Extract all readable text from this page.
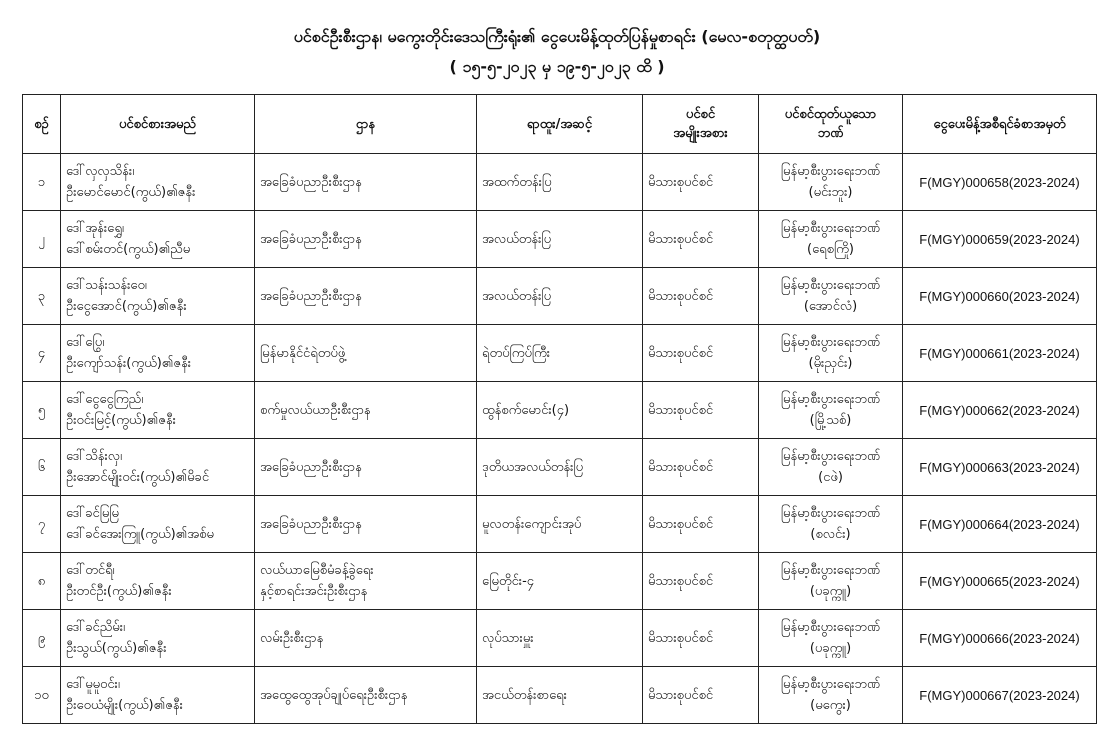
ပင်စင်ဦးစီးဌာန၊ မကွေးတိုင်းဒေသကြီးရုံး၏ ငွေပေးမိန့်ထုတ်ပြန်မှုစာရင်း (မေလ-စတုတ္ထပတ်)
( ၁၅-၅-၂၀၂၃ မှ ၁၉-၅-၂၀၂၃ ထိ )
စဉ်	ပင်စင်စားအမည်	ဌာန	ရာထူး/အဆင့်	ပင်စင်
အမျိုးအစား	ပင်စင်ထုတ်ယူသော
ဘဏ်	ငွေပေးမိန့်အစီရင်ခံစာအမှတ်

၁	ဒေါ်လှလှသိန်း၊
ဦးမောင်မောင်(ကွယ်)၏ဇနီး	အခြေခံပညာဦးစီးဌာန	အထက်တန်းပြ	မိသားစုပင်စင်	မြန်မာ့စီးပွားရေးဘဏ်
(မင်းဘူး)	F(MGY)000658(2023-2024)

၂	ဒေါ်အုန်းရွှေ၊
ဒေါ်စမ်းတင်(ကွယ်)၏ညီမ	အခြေခံပညာဦးစီးဌာန	အလယ်တန်းပြ	မိသားစုပင်စင်	မြန်မာ့စီးပွားရေးဘဏ်
(ရေစကြို)	F(MGY)000659(2023-2024)

၃	ဒေါ်သန်းသန်းဝေ၊
ဦးငွေအောင်(ကွယ်)၏ဇနီး	အခြေခံပညာဦးစီးဌာန	အလယ်တန်းပြ	မိသားစုပင်စင်	မြန်မာ့စီးပွားရေးဘဏ်
(အောင်လံ)	F(MGY)000660(2023-2024)

၄	ဒေါ်ပြွေ၊
ဦးကျော်သန်း(ကွယ်)၏ဇနီး	မြန်မာနိုင်ငံရဲတပ်ဖွဲ့	ရဲတပ်ကြပ်ကြီး	မိသားစုပင်စင်	မြန်မာ့စီးပွားရေးဘဏ်
(မိုးညှင်း)	F(MGY)000661(2023-2024)

၅	ဒေါ်ငွေငွေကြည်၊
ဦးဝင်းမြင့်(ကွယ်)၏ဇနီး	စက်မှုလယ်ယာဦးစီးဌာန	ထွန်စက်မောင်း(၄)	မိသားစုပင်စင်	မြန်မာ့စီးပွားရေးဘဏ်
(မြို့သစ်)	F(MGY)000662(2023-2024)

၆	ဒေါ်သိန်းလှ၊
ဦးအောင်မျိုးဝင်း(ကွယ်)၏မိခင်	အခြေခံပညာဦးစီးဌာန	ဒုတိယအလယ်တန်းပြ	မိသားစုပင်စင်	မြန်မာ့စီးပွားရေးဘဏ်
(ငဖဲ)	F(MGY)000663(2023-2024)

၇	ဒေါ်ခင်မြမြ
ဒေါ်ခင်အေးကြူ(ကွယ်)၏အစ်မ	အခြေခံပညာဦးစီးဌာန	မူလတန်းကျောင်းအုပ်	မိသားစုပင်စင်	မြန်မာ့စီးပွားရေးဘဏ်
(စလင်း)	F(MGY)000664(2023-2024)

၈	ဒေါ်တင်ရီ၊
ဦးတင်ဦး(ကွယ်)၏ဇနီး	လယ်ယာမြေစီမံခန့်ခွဲရေး
နှင့်စာရင်းအင်းဦးစီးဌာန	မြေတိုင်း-၄	မိသားစုပင်စင်	မြန်မာ့စီးပွားရေးဘဏ်
(ပခုက္ကူ)	F(MGY)000665(2023-2024)

၉	ဒေါ်ခင်ညိမ်း၊
ဦးသွယ်(ကွယ်)၏ဇနီး	လမ်းဦးစီးဌာန	လုပ်သားမှူး	မိသားစုပင်စင်	မြန်မာ့စီးပွားရေးဘဏ်
(ပခုက္ကူ)	F(MGY)000666(2023-2024)

၁၀	ဒေါ်မူမူဝင်း၊
ဦးဝေယံမျိုး(ကွယ်)၏ဇနီး	အထွေထွေအုပ်ချုပ်ရေးဦးစီးဌာန	အငယ်တန်းစာရေး	မိသားစုပင်စင်	မြန်မာ့စီးပွားရေးဘဏ်
(မကွေး)	F(MGY)000667(2023-2024)
